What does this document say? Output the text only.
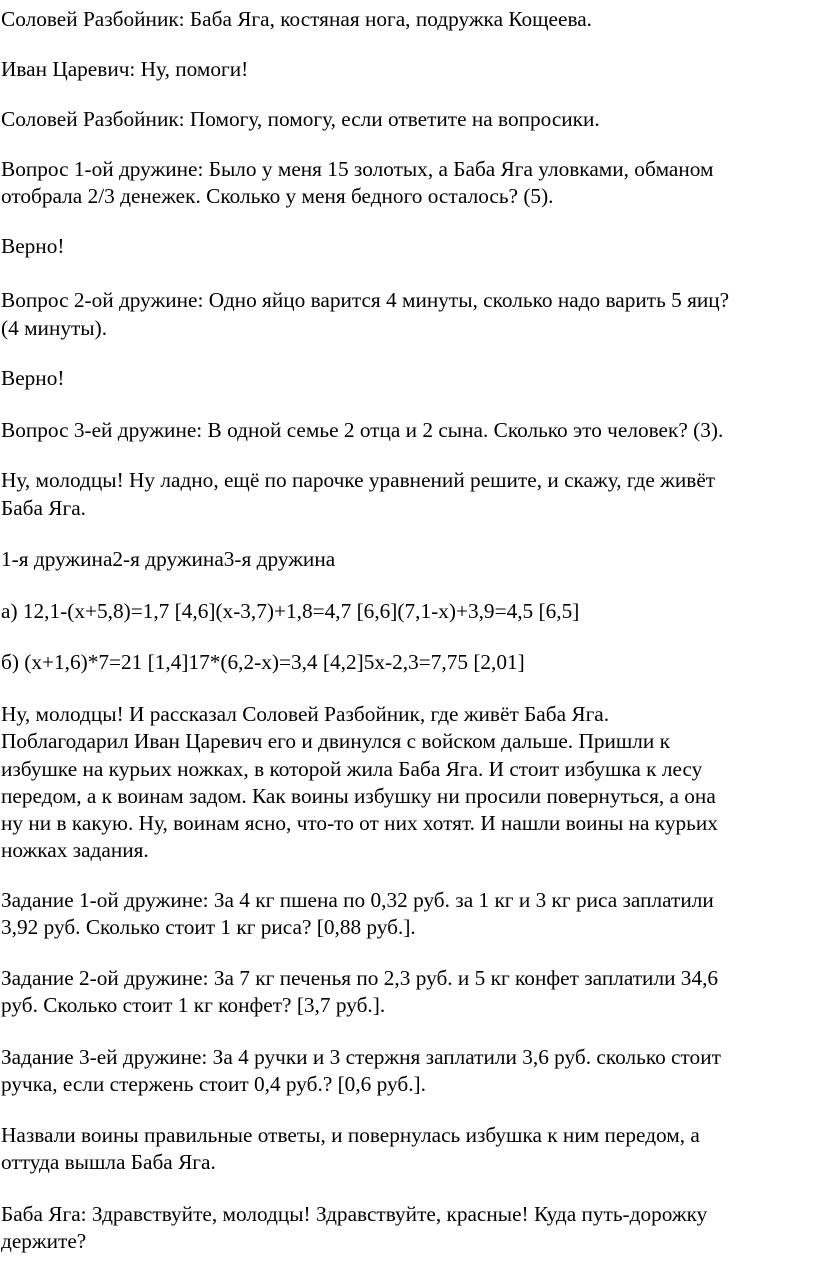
Соловей Разбойник: Баба Яга, костяная нога, подружка Кощеева.

Иван Царевич: Ну, помоги!

Соловей Разбойник: Помогу, помогу, если ответите на вопросики.

Вопрос 1-ой дружине: Было у меня 15 золотых, а Баба Яга уловками, обманом

отобрала 2/3 денежек. Сколько у меня бедного осталось? (5).

Верно!

Вопрос 2-ой дружине: Одно яйцо варится 4 минуты, сколько надо варить 5 яиц?

(4 минуты).

Верно!

Вопрос 3-ей дружине: В одной семье 2 отца и 2 сына. Сколько это человек? (3).

Ну, молодцы! Ну ладно, ещё по парочке уравнений решите, и скажу, где живёт

Баба Яга.

1-я дружина2-я дружина3-я дружина

а) 12,1-(х+5,8)=1,7 [4,6](х-3,7)+1,8=4,7 [6,6](7,1-х)+3,9=4,5 [6,5]

б) (х+1,6)*7=21 [1,4]17*(6,2-х)=3,4 [4,2]5х-2,3=7,75 [2,01]

Ну, молодцы! И рассказал Соловей Разбойник, где живёт Баба Яга.

Поблагодарил Иван Царевич его и двинулся с войском дальше. Пришли к

избушке на курьих ножках, в которой жила Баба Яга. И стоит избушка к лесу

передом, а к воинам задом. Как воины избушку ни просили повернуться, а она

ну ни в какую. Ну, воинам ясно, что-то от них хотят. И нашли воины на курьих

ножках задания.

Задание 1-ой дружине: За 4 кг пшена по 0,32 руб. за 1 кг и 3 кг риса заплатили

3,92 руб. Сколько стоит 1 кг риса? [0,88 руб.].

Задание 2-ой дружине: За 7 кг печенья по 2,3 руб. и 5 кг конфет заплатили 34,6

руб. Сколько стоит 1 кг конфет? [3,7 руб.].

Задание 3-ей дружине: За 4 ручки и 3 стержня заплатили 3,6 руб. сколько стоит

ручка, если стержень стоит 0,4 руб.? [0,6 руб.].

Назвали воины правильные ответы, и повернулась избушка к ним передом, а

оттуда вышла Баба Яга.

Баба Яга: Здравствуйте, молодцы! Здравствуйте, красные! Куда путь-дорожку

держите?
